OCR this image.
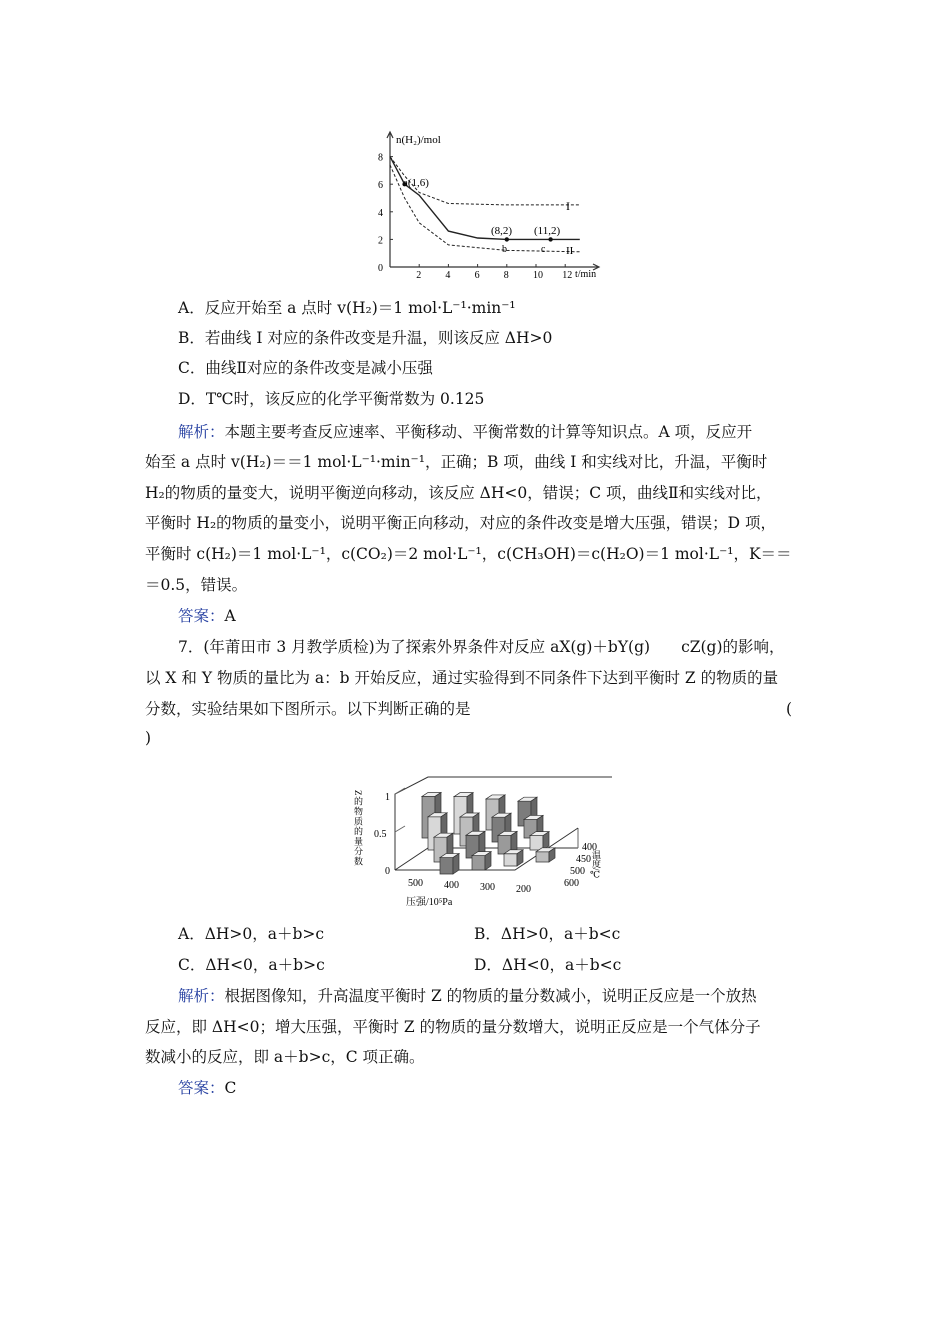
2
4
6
8
2 4 6 8 10 12
n(H₂)/mol
t/min
0
I
II
a(1,6)
(8,2) (11,2)
b	c
A．反应开始至 a 点时 v(H₂)＝1 mol·L⁻¹·min⁻¹
B．若曲线 I 对应的条件改变是升温，则该反应 ΔH>0
C．曲线Ⅱ对应的条件改变是减小压强
D．T℃时，该反应的化学平衡常数为 0.125
解析：本题主要考查反应速率、平衡移动、平衡常数的计算等知识点。A 项，反应开
始至 a 点时 v(H₂)＝＝1 mol·L⁻¹·min⁻¹，正确；B 项，曲线 I 和实线对比，升温，平衡时
H₂的物质的量变大，说明平衡逆向移动，该反应 ΔH<0，错误；C 项，曲线Ⅱ和实线对比，
平衡时 H₂的物质的量变小，说明平衡正向移动，对应的条件改变是增大压强，错误；D 项，
平衡时 c(H₂)＝1 mol·L⁻¹，c(CO₂)＝2 mol·L⁻¹，c(CH₃OH)＝c(H₂O)＝1 mol·L⁻¹，K＝＝
＝0.5，错误。
答案：A
7．(年莆田市 3 月教学质检)为了探索外界条件对反应 aX(g)＋bY(g)　　cZ(g)的影响，
以 X 和 Y 物质的量比为 a：b 开始反应，通过实验得到不同条件下达到平衡时 Z 的物质的量
分数，实验结果如下图所示。以下判断正确的是	(
)
Z的物质的量分数
0
0.5
1
500 400 300 200
压强/10⁵Pa
400
450
500
600
温度/℃
A．ΔH>0，a＋b>c	B．ΔH>0，a＋b<c
C．ΔH<0，a＋b>c	D．ΔH<0，a＋b<c
解析：根据图像知，升高温度平衡时 Z 的物质的量分数减小，说明正反应是一个放热
反应，即 ΔH<0；增大压强，平衡时 Z 的物质的量分数增大，说明正反应是一个气体分子
数减小的反应，即 a＋b>c，C 项正确。
答案：C
